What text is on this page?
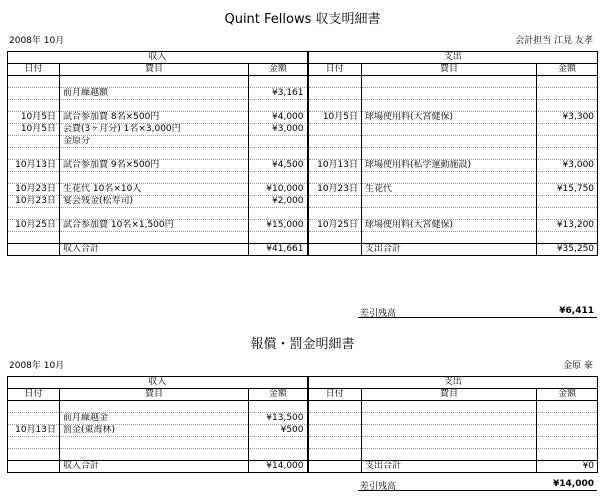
Quint Fellows 収支明細書
2008年 10月	会計担当 江見 友孝
収入			支出		
日付	費目	金額	日付	費目	金額

	前月繰越額	¥3,161			

10月5日	試合参加費 8名×500円	¥4,000	10月5日	球場使用料(大宮健保)	¥3,300
10月5日	会費(3ヶ月分) 1名×3,000円	¥3,000			
	金原分				

10月13日	試合参加費 9名×500円	¥4,500	10月13日	球場使用料(私学運動施設)	¥3,000

10月23日	生花代 10名×10人	¥10,000	10月23日	生花代	¥15,750
10月23日	宴会残金(松寿司)	¥2,000			

10月25日	試合参加費 10名×1,500円	¥15,000	10月25日	球場使用料(大宮健保)	¥13,200

	収入合計	¥41,661		支出合計	¥35,250
差引残高	¥6,411
報償・罰金明細書
2008年 10月	金原 豪
収入			支出		
日付	費目	金額	日付	費目	金額

	前月繰越金	¥13,500			
10月13日	罰金(東海林)	¥500			

	収入合計	¥14,000		支出合計	¥0
差引残高	¥14,000
